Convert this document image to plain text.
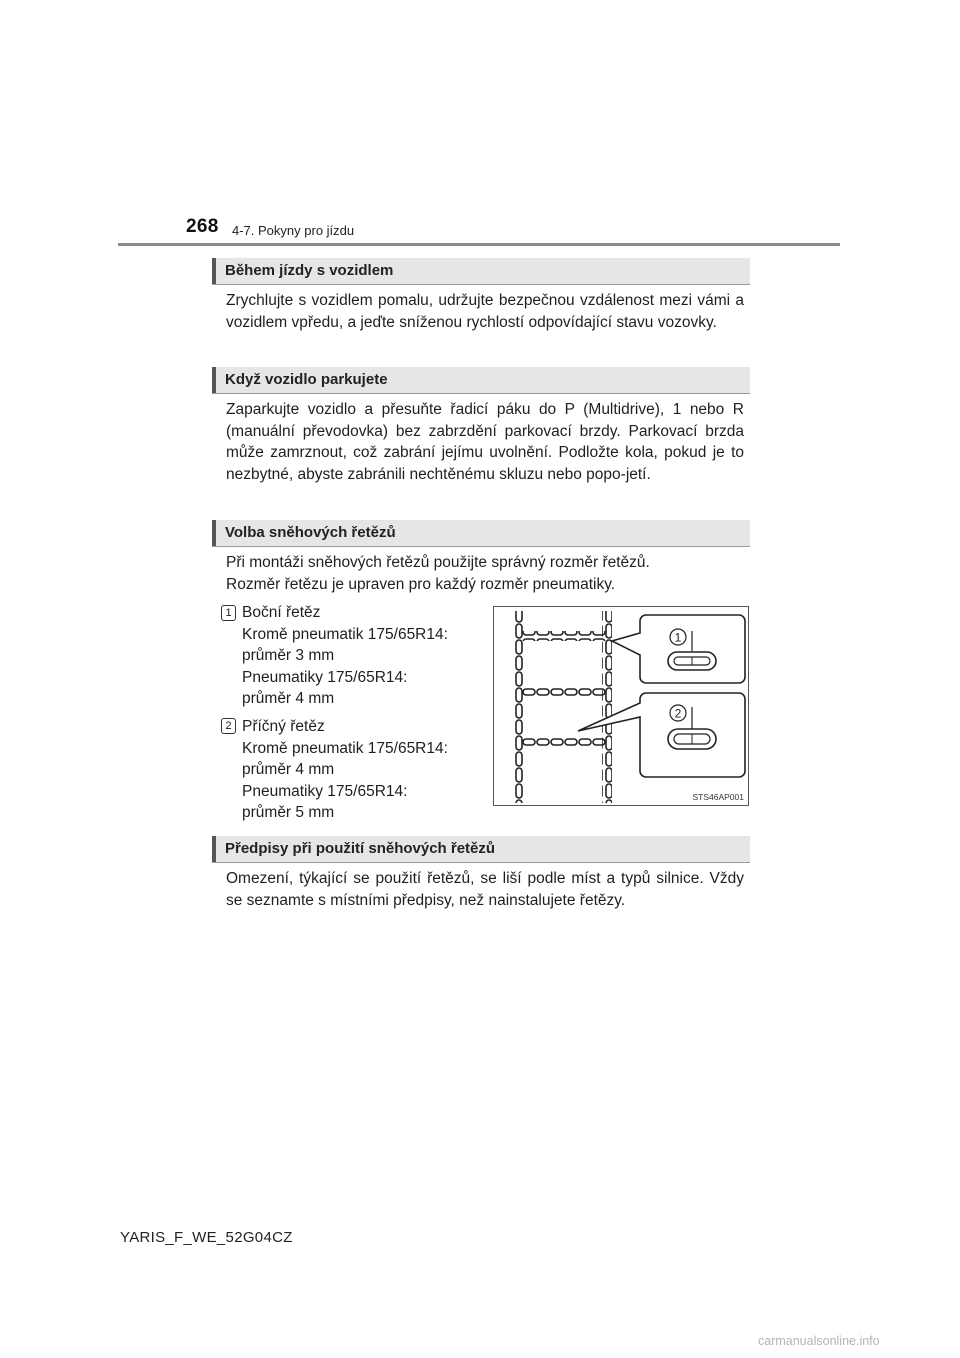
268 4-7. Pokyny pro jízdu
Během jízdy s vozidlem
Zrychlujte s vozidlem pomalu, udržujte bezpečnou vzdálenost mezi vámi a vozidlem vpředu, a jeďte sníženou rychlostí odpovídající stavu vozovky.
Když vozidlo parkujete
Zaparkujte vozidlo a přesuňte řadicí páku do P (Multidrive), 1 nebo R (manuální převodovka) bez zabrzdění parkovací brzdy. Parkovací brzda může zamrznout, což zabrání jejímu uvolnění. Podložte kola, pokud je to nezbytné, abyste zabránili nechtěnému skluzu nebo popo-jetí.
Volba sněhových řetězů
Při montáži sněhových řetězů použijte správný rozměr řetězů.
Rozměr řetězu je upraven pro každý rozměr pneumatiky.
1 Boční řetěz
Kromě pneumatik 175/65R14:
průměr 3 mm
Pneumatiky 175/65R14:
průměr 4 mm
2 Příčný řetěz
Kromě pneumatik 175/65R14:
průměr 4 mm
Pneumatiky 175/65R14:
průměr 5 mm
1
2
STS46AP001
Předpisy při použití sněhových řetězů
Omezení, týkající se použití řetězů, se liší podle míst a typů silnice. Vždy se seznamte s místními předpisy, než nainstalujete řetězy.
YARIS_F_WE_52G04CZ
carmanualsonline.info
